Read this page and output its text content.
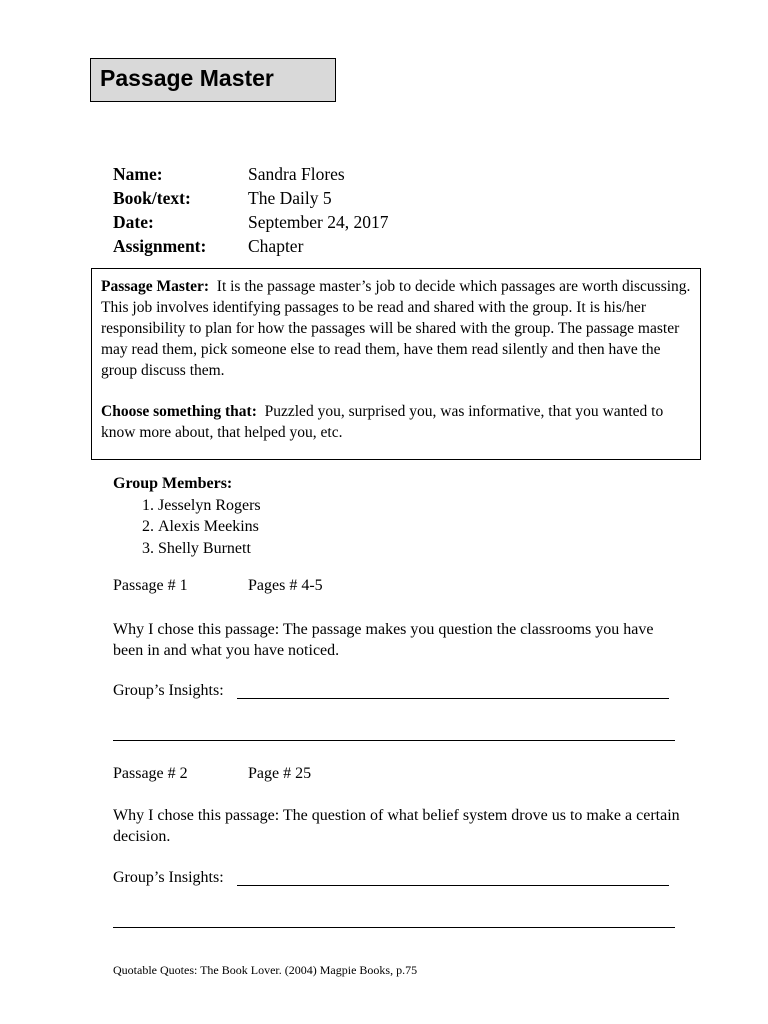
Passage Master
Name:	Sandra Flores
Book/text:	The Daily 5
Date:	September 24, 2017
Assignment: Chapter

Passage Master: It is the passage master’s job to decide which passages are worth discussing. This job involves identifying passages to be read and shared with the group. It is his/her responsibility to plan for how the passages will be shared with the group. The passage master may read them, pick someone else to read them, have them read silently and then have the group discuss them.

Choose something that: Puzzled you, surprised you, was informative, that you wanted to know more about, that helped you, etc.

Group Members:
1. Jesselyn Rogers
2. Alexis Meekins
3. Shelly Burnett
Passage # 1	Pages # 4-5
Why I chose this passage: The passage makes you question the classrooms you have been in and what you have noticed.
Group’s Insights:
Passage # 2	Page # 25
Why I chose this passage: The question of what belief system drove us to make a certain decision.
Group’s Insights:
Quotable Quotes: The Book Lover. (2004) Magpie Books, p.75
